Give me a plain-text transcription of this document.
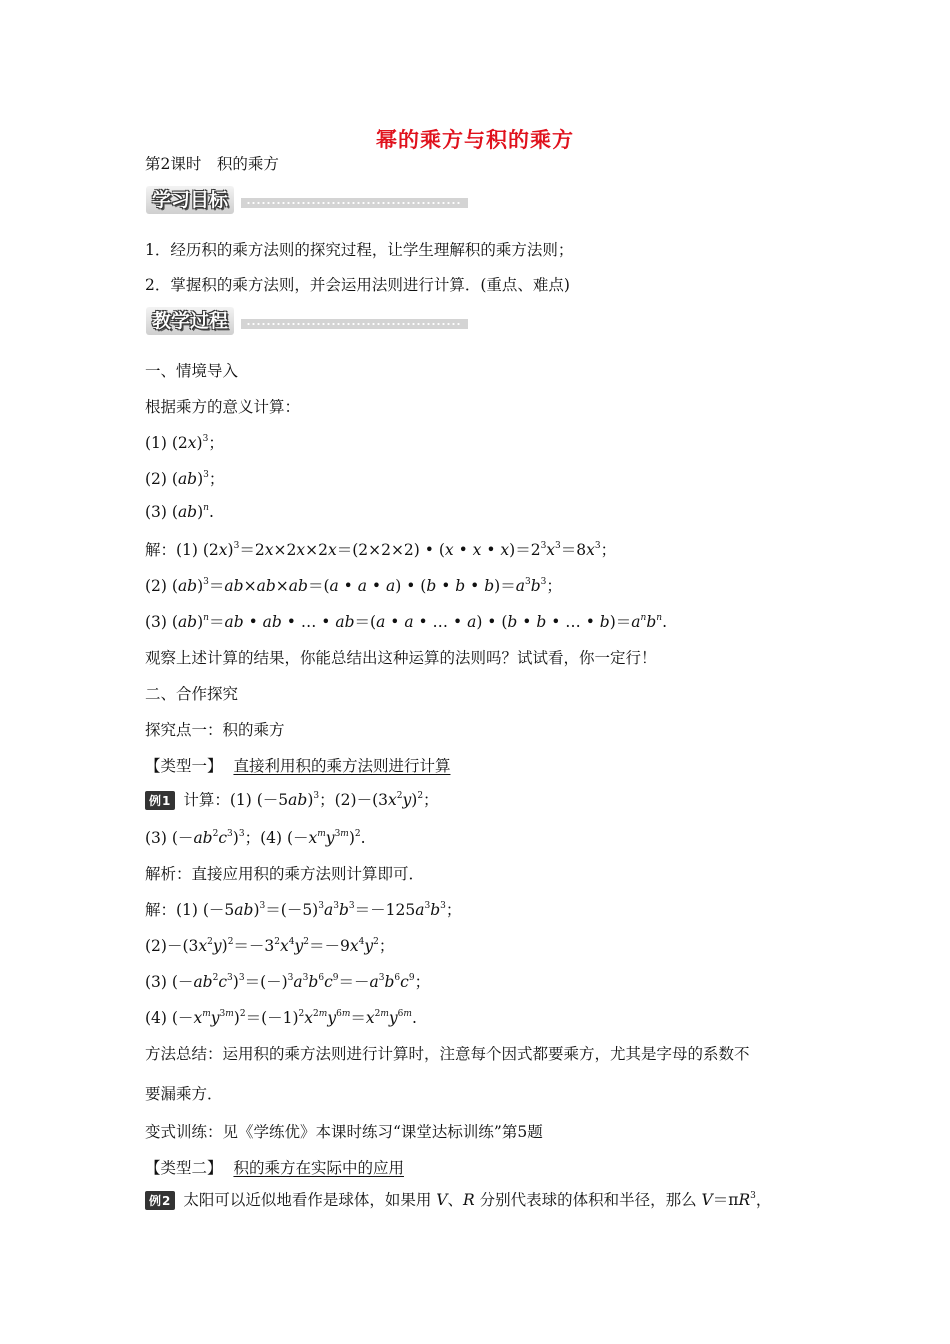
幂的乘方与积的乘方
第2课时　积的乘方
学习目标
1．经历积的乘方法则的探究过程，让学生理解积的乘方法则；
2．掌握积的乘方法则，并会运用法则进行计算．(重点、难点)
教学过程
一、情境导入
根据乘方的意义计算：
(1) $(2x)^3$；
(2) (ab)$^3$；
(3) (ab)$^n$.
解：(1) $(2x)^3=2x\times 2x\times 2x=(2\times 2\times 2)$ • (x • x • $x)=2^3x^3=8x^3$；
(2) (ab)$^3$＝ab×ab×ab＝(a • a • a) • (b • b • $b)=a^3b^3$；
(3) (ab)$^n$＝ab • ab • … • ab＝(a • a • … • a) • (b • b • … • $b)=a^nb^n$.
观察上述计算的结果，你能总结出这种运算的法则吗？试试看，你一定行！
二、合作探究
探究点一：积的乘方
【类型一】 直接利用积的乘方法则进行计算
例1 计算：(1) $(-5ab)^3$；$(2)-(3x^2y)^2$；
(3) $(-ab^2c^3)^3$；(4) $(-x^my^{3m})^2$.
解析：直接应用积的乘方法则计算即可．
解：(1) $(-5ab)^3=(-5)^3a^3b^3=-125a^3b^3$；
$(2)-(3x^2y)^2=-3^2x^4y^2=-9x^4y^2$；
(3) $(-ab^2c^3)^3=(-)^3a^3b^6c^9=-a^3b^6c^9$；
(4) $(-x^my^{3m})^2=(-1)^2x^{2m}y^{6m}=x^{2m}y^{6m}$.
方法总结：运用积的乘方法则进行计算时，注意每个因式都要乘方，尤其是字母的系数不
要漏乘方．
变式训练：见《学练优》本课时练习“课堂达标训练”第5题
【类型二】 积的乘方在实际中的应用
例2 太阳可以近似地看作是球体，如果用 V、R 分别代表球的体积和半径，那么 $V=\pi R^3$，
